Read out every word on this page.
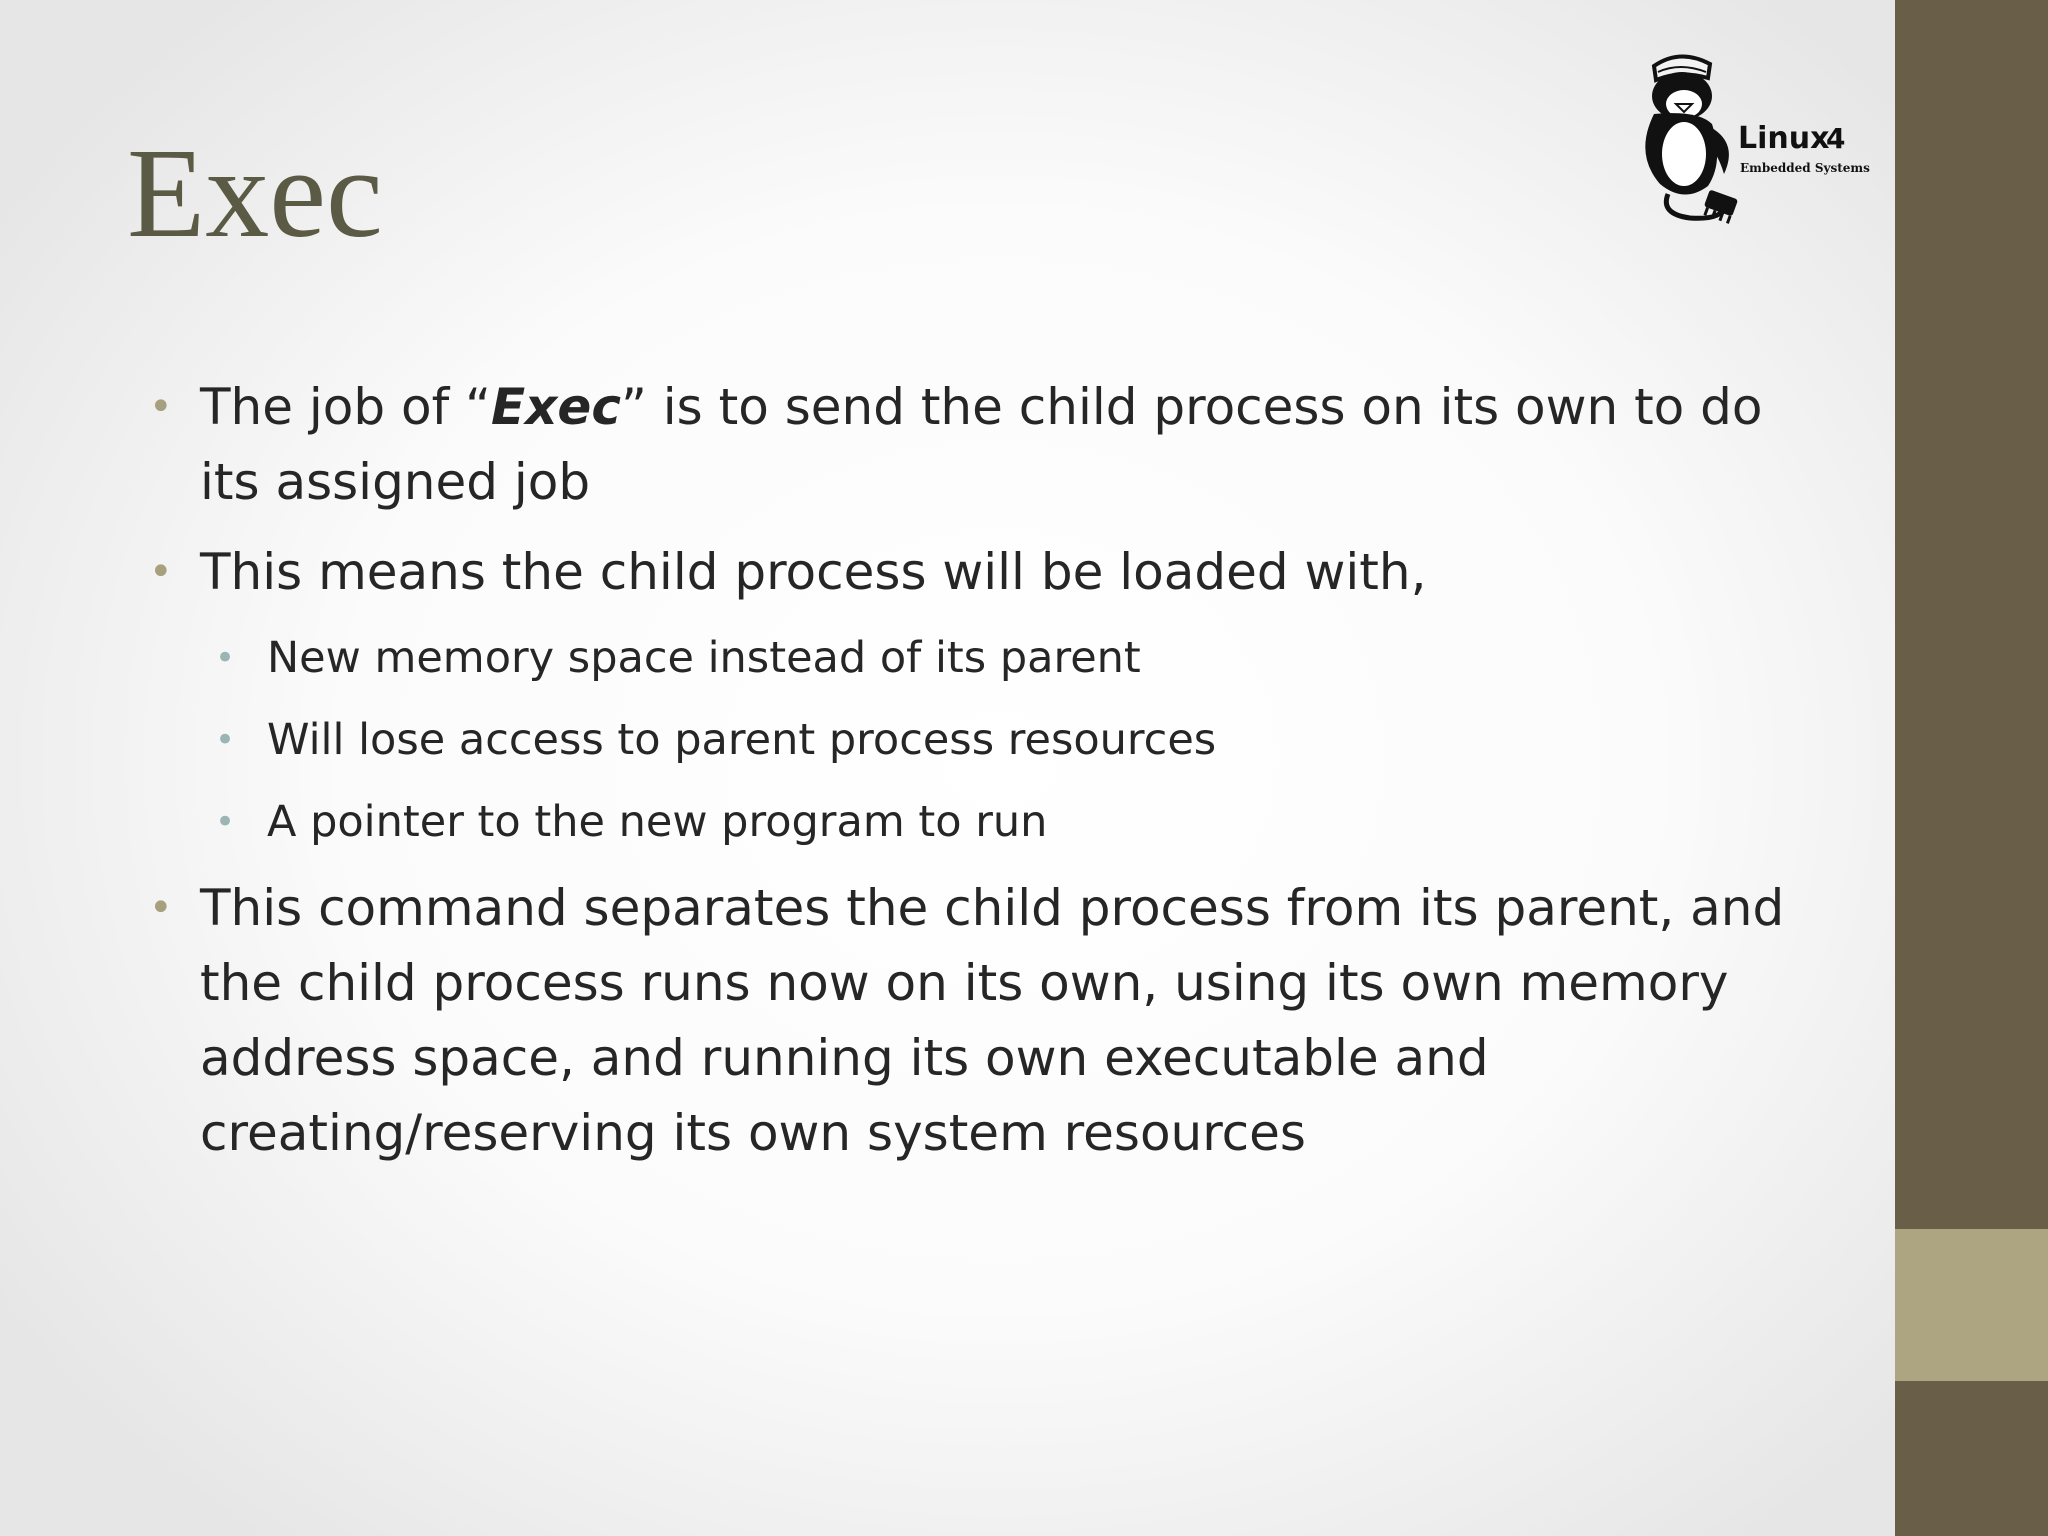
Exec	Linux
4
Embedded Systems
• The job of “Exec” is to send the child process on its own to do its assigned job
• This means the child process will be loaded with,
• New memory space instead of its parent
• Will lose access to parent process resources
• A pointer to the new program to run
• This command separates the child process from its parent, and the child process runs now on its own, using its own memory address space, and running its own executable and creating/reserving its own system resources
